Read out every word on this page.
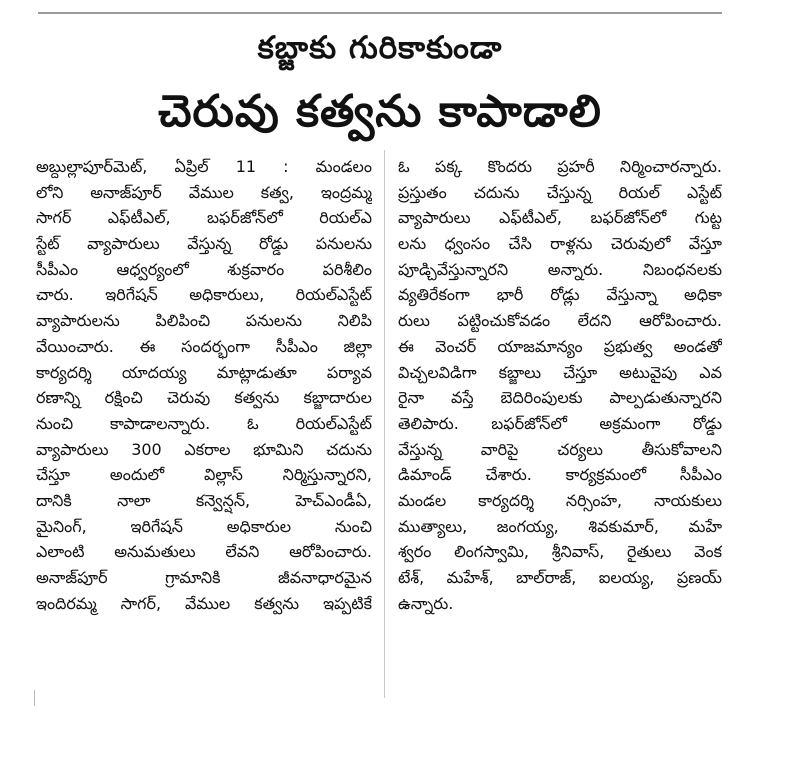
కబ్జాకు గురికాకుండా
చెరువు కత్వను కాపాడాలి
అబ్దుల్లాపూర్‌మెట్‌, ఏప్రిల్‌ 11 : మండలం
లోని అనాజ్‌పూర్‌ వేముల కత్వ, ఇంద్రమ్మ
సాగర్‌ ఎఫ్‌టీఎల్‌, బఫర్‌జోన్‌లో రియల్‌ఎ
స్టేట్‌ వ్యాపారులు వేస్తున్న రోడ్డు పనులను
సీపీఎం ఆధ్వర్యంలో శుక్రవారం పరిశీలిం
చారు. ఇరిగేషన్‌ అధికారులు, రియల్‌ఎస్టేట్‌
వ్యాపారులను పిలిపించి పనులను నిలిపి
వేయించారు. ఈ సందర్భంగా సీపీఎం జిల్లా
కార్యదర్శి యాదయ్య మాట్లాడుతూ పర్యావ
రణాన్ని రక్షించి చెరువు కత్వను కబ్జాదారుల
నుంచి కాపాడాలన్నారు. ఓ రియల్‌ఎస్టేట్‌
వ్యాపారులు 300 ఎకరాల భూమిని చదును
చేస్తూ అందులో విల్లాస్‌ నిర్మిస్తున్నారని,
దానికి నాలా కన్వెన్షన్‌, హెచ్‌ఎండీఏ,
మైనింగ్‌, ఇరిగేషన్‌ అధికారుల నుంచి
ఎలాంటి అనుమతులు లేవని ఆరోపించారు.
అనాజ్‌పూర్‌ గ్రామానికి జీవనాధారమైన
ఇందిరమ్మ సాగర్‌, వేముల కత్వను ఇప్పటికే
ఓ పక్క కొందరు ప్రహరీ నిర్మించారన్నారు.
ప్రస్తుతం చదును చేస్తున్న రియల్‌ ఎస్టేట్‌
వ్యాపారులు ఎఫ్‌టీఎల్‌, బఫర్‌జోన్‌లో గుట్ట
లను ధ్వంసం చేసి రాళ్లను చెరువులో వేస్తూ
పూడ్చివేస్తున్నారని అన్నారు. నిబంధనలకు
వ్యతిరేకంగా భారీ రోడ్లు వేస్తున్నా అధికా
రులు పట్టించుకోవడం లేదని ఆరోపించారు.
ఈ వెంచర్‌ యాజమాన్యం ప్రభుత్వ అండతో
విచ్చలవిడిగా కబ్జాలు చేస్తూ అటువైపు ఎవ
రైనా వస్తే బెదిరింపులకు పాల్పడుతున్నారని
తెలిపారు. బఫర్‌జోన్‌లో అక్రమంగా రోడ్డు
వేస్తున్న వారిపై చర్యలు తీసుకోవాలని
డిమాండ్‌ చేశారు. కార్యక్రమంలో సీపీఎం
మండల కార్యదర్శి నర్సింహ, నాయకులు
ముత్యాలు, జంగయ్య, శివకుమార్‌, మహే
శ్వరం లింగస్వామి, శ్రీనివాస్‌, రైతులు వెంక
టేశ్‌, మహేశ్‌, బాల్‌రాజ్‌, ఐలయ్య, ప్రణయ్‌
ఉన్నారు.
